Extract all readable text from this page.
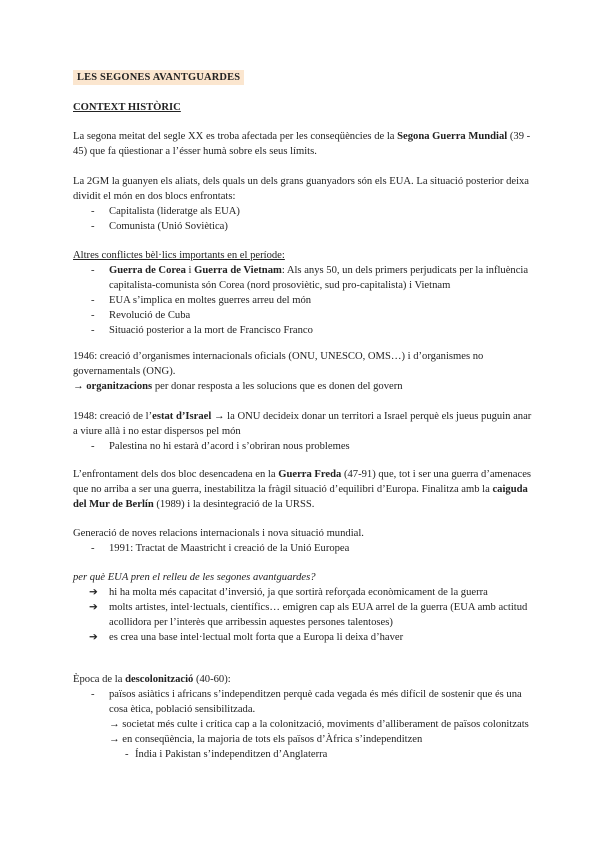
LES SEGONES AVANTGUARDES
CONTEXT HISTÒRIC

La segona meitat del segle XX es troba afectada per les conseqüències de la Segona Guerra Mundial (39 - 45) que fa qüestionar a l’ésser humà sobre els seus límits.

La 2GM la guanyen els aliats, dels quals un dels grans guanyadors són els EUA. La situació posterior deixa dividit el món en dos blocs enfrontats:

- Capitalista (lideratge als EUA)
- Comunista (Unió Soviètica)

Altres conflictes bèl·lics importants en el període:

- Guerra de Corea i Guerra de Vietnam: Als anys 50, un dels primers perjudicats per la influència capitalista-comunista són Corea (nord prosoviètic, sud pro-capitalista) i Vietnam
- EUA s’implica en moltes guerres arreu del món
- Revolució de Cuba
- Situació posterior a la mort de Francisco Franco

1946: creació d’organismes internacionals oficials (ONU, UNESCO, OMS…) i d’organismes no governamentals (ONG).

→ organitzacions per donar resposta a les solucions que es donen del govern

1948: creació de l’estat d’Israel → la ONU decideix donar un territori a Israel perquè els jueus puguin anar a viure allà i no estar dispersos pel món

- Palestina no hi estarà d’acord i s’obriran nous problemes

L’enfrontament dels dos bloc desencadena en la Guerra Freda (47-91) que, tot i ser una guerra d’amenaces que no arriba a ser una guerra, inestabilitza la fràgil situació d’equilibri d’Europa. Finalitza amb la caiguda del Mur de Berlín (1989) i la desintegració de la URSS.

Generació de noves relacions internacionals i nova situació mundial.

- 1991: Tractat de Maastricht i creació de la Unió Europea

per què EUA pren el relleu de les segones avantguardes?

➔ hi ha molta més capacitat d’inversió, ja que sortirà reforçada econòmicament de la guerra
➔ molts artistes, intel·lectuals, científics… emigren cap als EUA arrel de la guerra (EUA amb actitud acollidora per l’interès que arribessin aquestes persones talentoses)
➔ es crea una base intel·lectual molt forta que a Europa li deixa d’haver

Època de la descolonització (40-60):

- països asiàtics i africans s’independitzen perquè cada vegada és més difícil de sostenir que és una cosa ètica, població sensibilitzada.

→ societat més culte i crítica cap a la colonització, moviments d’alliberament de països colonitzats

→ en conseqüència, la majoria de tots els països d’Àfrica s’independitzen

- Índia i Pakistan s’independitzen d’Anglaterra
